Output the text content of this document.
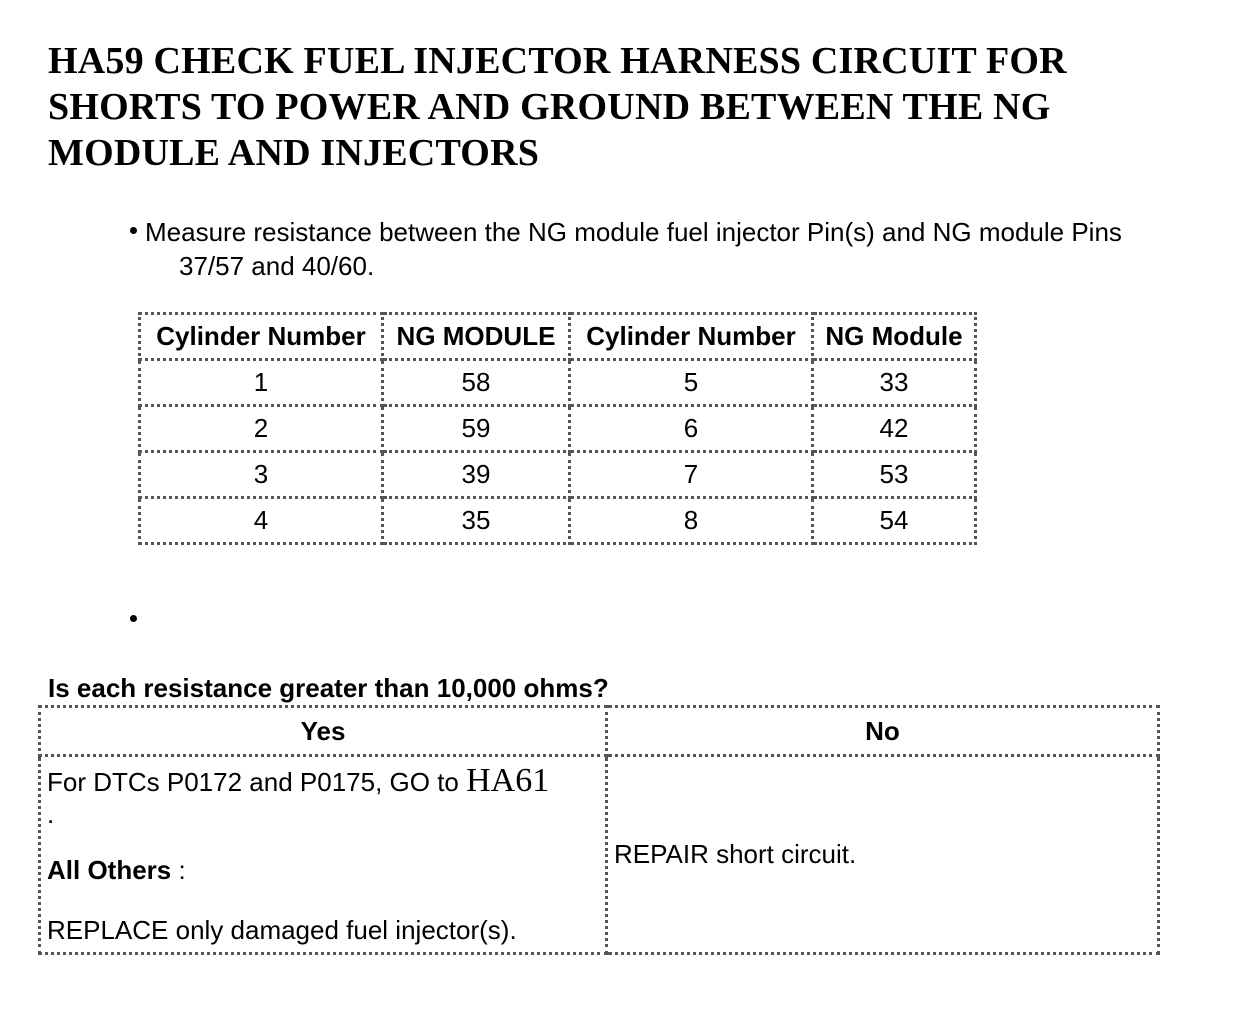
HA59 CHECK FUEL INJECTOR HARNESS CIRCUIT FOR SHORTS TO POWER AND GROUND BETWEEN THE NG MODULE AND INJECTORS
Measure resistance between the NG module fuel injector Pin(s) and NG module Pins
37/57 and 40/60.
Cylinder Number	NG MODULE	Cylinder Number	NG Module
1	58	5	33
2	59	6	42
3	39	7	53
4	35	8	54
Is each resistance greater than 10,000 ohms?
Yes	No

For DTCs P0172 and P0175, GO to HA61

.

All Others :

REPLACE only damaged fuel injector(s).	REPAIR short circuit.
